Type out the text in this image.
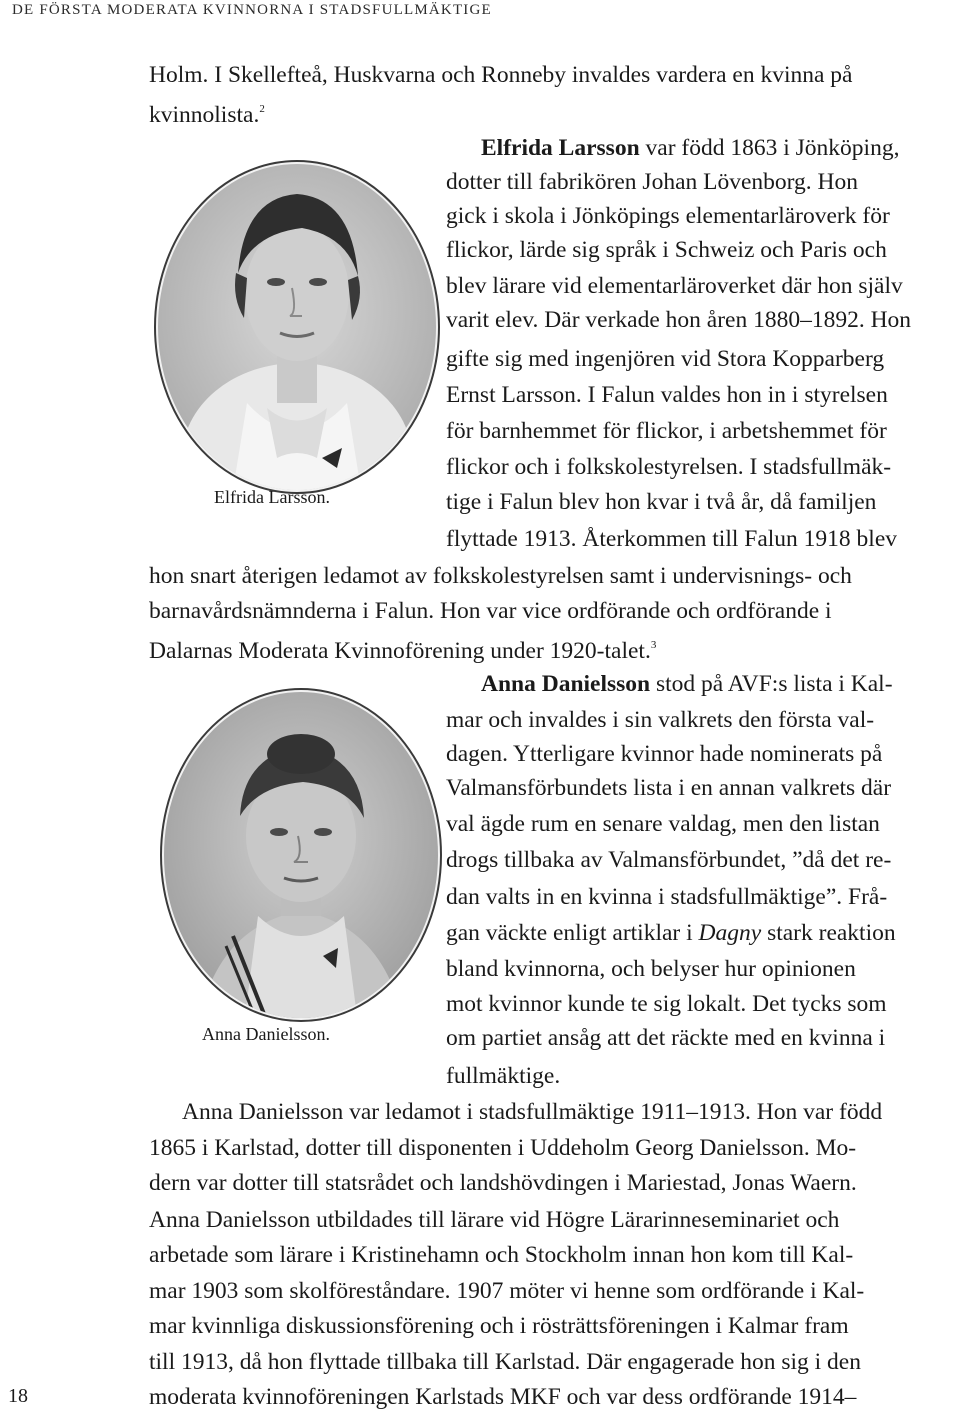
DE FÖRSTA MODERATA KVINNORNA I STADSFULLMÄKTIGE
Elfrida Larsson.
Anna Danielsson.
Holm. I Skellefteå, Huskvarna och Ronneby invaldes vardera en kvinna på
kvinnolista.$^2$
Elfrida Larsson var född 1863 i Jönköping,
dotter till fabrikören Johan Lövenborg. Hon
gick i skola i Jönköpings elementarläroverk för
flickor, lärde sig språk i Schweiz och Paris och
blev lärare vid elementarläroverket där hon själv
varit elev. Där verkade hon åren 1880–1892. Hon
gifte sig med ingenjören vid Stora Kopparberg
Ernst Larsson. I Falun valdes hon in i styrelsen
för barnhemmet för flickor, i arbetshemmet för
flickor och i folkskolestyrelsen. I stadsfullmäk-
tige i Falun blev hon kvar i två år, då familjen
flyttade 1913. Återkommen till Falun 1918 blev
hon snart återigen ledamot av folkskolestyrelsen samt i undervisnings- och
barnavårdsnämnderna i Falun. Hon var vice ordförande och ordförande i
Dalarnas Moderata Kvinnoförening under 1920-talet.$^3$
Anna Danielsson stod på AVF:s lista i Kal-
mar och invaldes i sin valkrets den första val-
dagen. Ytterligare kvinnor hade nominerats på
Valmansförbundets lista i en annan valkrets där
val ägde rum en senare valdag, men den listan
drogs tillbaka av Valmansförbundet, ”då det re-
dan valts in en kvinna i stadsfullmäktige”. Frå-
gan väckte enligt artiklar i Dagny stark reaktion
bland kvinnorna, och belyser hur opinionen
mot kvinnor kunde te sig lokalt. Det tycks som
om partiet ansåg att det räckte med en kvinna i
fullmäktige.
Anna Danielsson var ledamot i stadsfullmäktige 1911–1913. Hon var född
1865 i Karlstad, dotter till disponenten i Uddeholm Georg Danielsson. Mo-
dern var dotter till statsrådet och landshövdingen i Mariestad, Jonas Waern.
Anna Danielsson utbildades till lärare vid Högre Lärarinneseminariet och
arbetade som lärare i Kristinehamn och Stockholm innan hon kom till Kal-
mar 1903 som skolföreståndare. 1907 möter vi henne som ordförande i Kal-
mar kvinnliga diskussionsförening och i rösträttsföreningen i Kalmar fram
till 1913, då hon flyttade tillbaka till Karlstad. Där engagerade hon sig i den
moderata kvinnoföreningen Karlstads MKF och var dess ordförande 1914–
18
